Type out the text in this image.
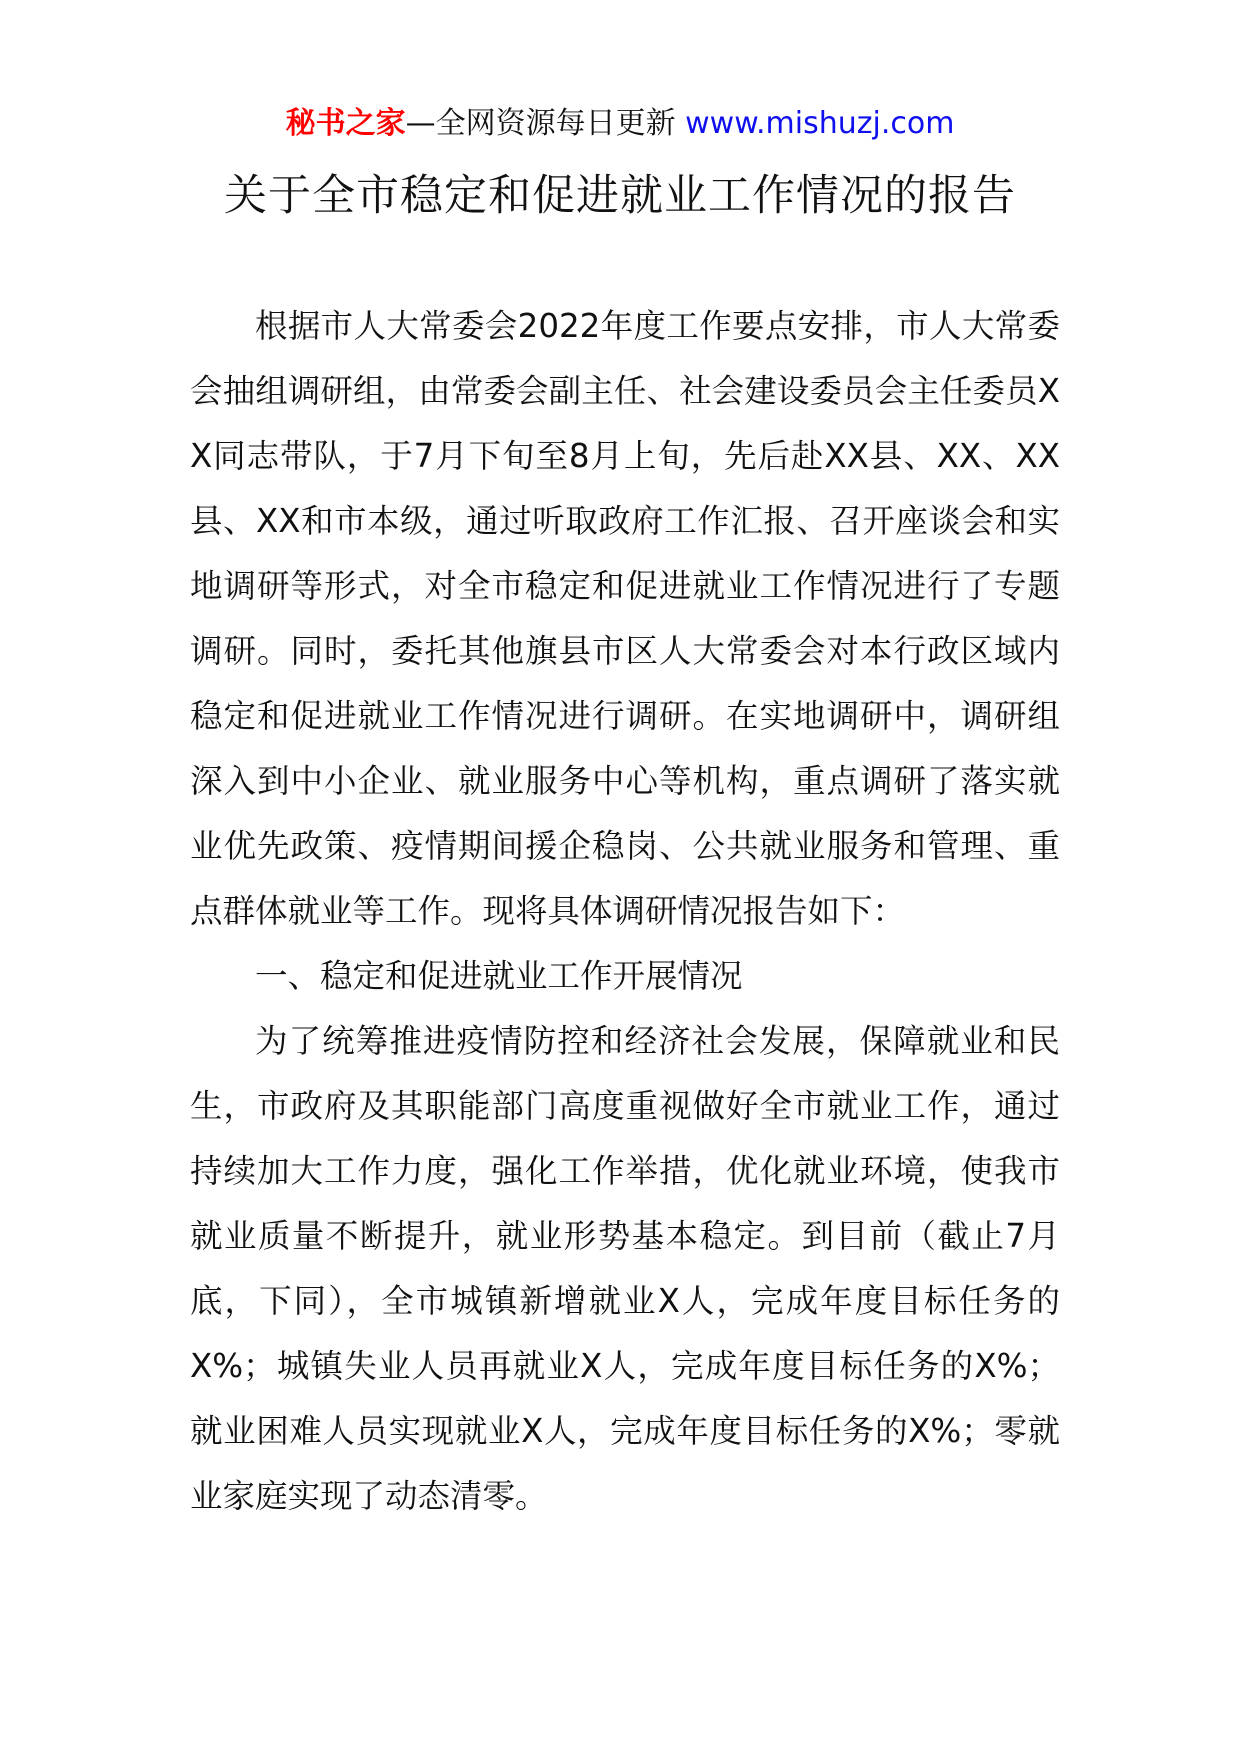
秘书之家—全网资源每日更新 www.mishuzj.com
关于全市稳定和促进就业工作情况的报告

根据市人大常委会2022年度工作要点安排，市人大常委会抽组调研组，由常委会副主任、社会建设委员会主任委员XX同志带队，于7月下旬至8月上旬，先后赴XX县、XX、XX县、XX和市本级，通过听取政府工作汇报、召开座谈会和实地调研等形式，对全市稳定和促进就业工作情况进行了专题调研。同时，委托其他旗县市区人大常委会对本行政区域内稳定和促进就业工作情况进行调研。在实地调研中，调研组深入到中小企业、就业服务中心等机构，重点调研了落实就业优先政策、疫情期间援企稳岗、公共就业服务和管理、重点群体就业等工作。现将具体调研情况报告如下：

一、稳定和促进就业工作开展情况

为了统筹推进疫情防控和经济社会发展，保障就业和民生，市政府及其职能部门高度重视做好全市就业工作，通过持续加大工作力度，强化工作举措，优化就业环境，使我市就业质量不断提升，就业形势基本稳定。到目前（截止7月底，下同），全市城镇新增就业X人，完成年度目标任务的X%；城镇失业人员再就业X人，完成年度目标任务的X%；就业困难人员实现就业X人，完成年度目标任务的X%；零就业家庭实现了动态清零。
